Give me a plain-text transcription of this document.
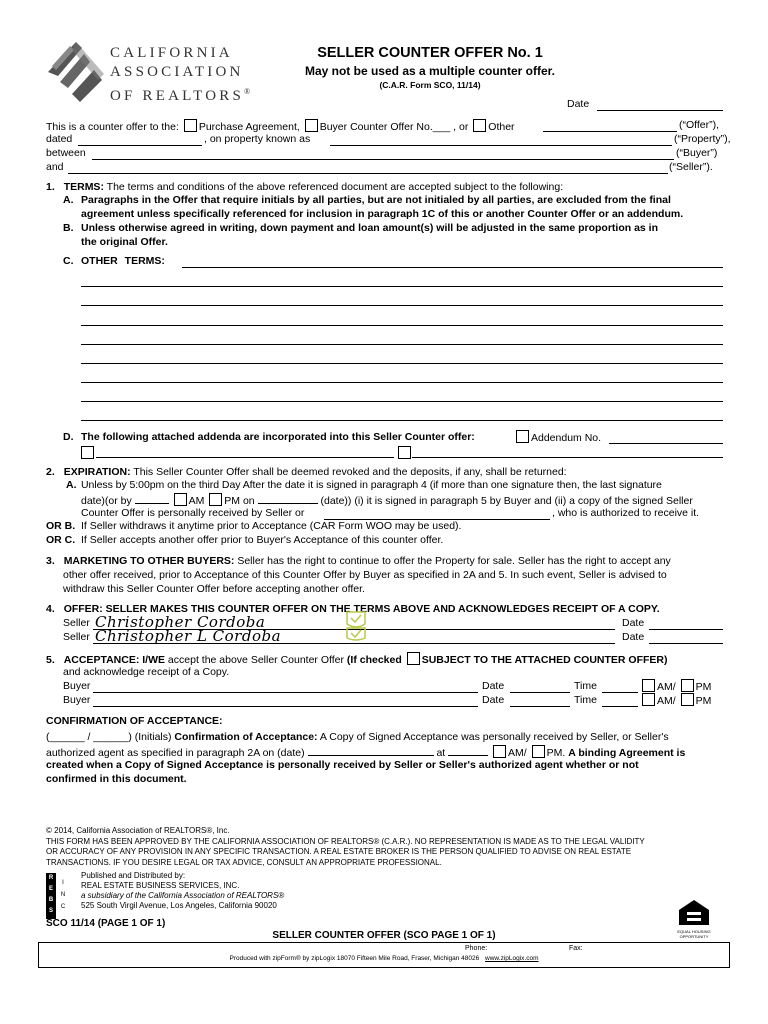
CALIFORNIA
ASSOCIATION
OF REALTORS®
SELLER COUNTER OFFER No. 1
May not be used as a multiple counter offer.
(C.A.R. Form SCO, 11/14)
Date
This is a counter offer to the: Purchase Agreement, Buyer Counter Offer No.___ , or Other	(“Offer”),
dated	, on property known as	(“Property”),
between	(“Buyer”)
and	(“Seller”).
1. TERMS: The terms and conditions of the above referenced document are accepted subject to the following:
A. Paragraphs in the Offer that require initials by all parties, but are not initialed by all parties, are excluded from the final
agreement unless specifically referenced for inclusion in paragraph 1C of this or another Counter Offer or an addendum.
B. Unless otherwise agreed in writing, down payment and loan amount(s) will be adjusted in the same proportion as in
the original Offer.
C. OTHER TERMS:
D. The following attached addenda are incorporated into this Seller Counter offer:	Addendum No.
2. EXPIRATION: This Seller Counter Offer shall be deemed revoked and the deposits, if any, shall be returned:
A. Unless by 5:00pm on the third Day After the date it is signed in paragraph 4 (if more than one signature then, the last signature
date)(or by	AM PM on	(date)) (i) it is signed in paragraph 5 by Buyer and (ii) a copy of the signed Seller
Counter Offer is personally received by Seller or	, who is authorized to receive it.
OR B. If Seller withdraws it anytime prior to Acceptance (CAR Form WOO may be used).
OR C. If Seller accepts another offer prior to Buyer's Acceptance of this counter offer.
3. MARKETING TO OTHER BUYERS: Seller has the right to continue to offer the Property for sale. Seller has the right to accept any
other offer received, prior to Acceptance of this Counter Offer by Buyer as specified in 2A and 5. In such event, Seller is advised to
withdraw this Seller Counter Offer before accepting another offer.
4. OFFER: SELLER MAKES THIS COUNTER OFFER ON THE TERMS ABOVE AND ACKNOWLEDGES RECEIPT OF A COPY.
Seller Christopher Cordoba	Date
Seller Christopher L Cordoba	Date
5. ACCEPTANCE: I/WE accept the above Seller Counter Offer (If checked SUBJECT TO THE ATTACHED COUNTER OFFER)
and acknowledge receipt of a Copy.
Buyer	Date	Time	AM/ PM
Buyer	Date	Time	AM/ PM
CONFIRMATION OF ACCEPTANCE:
(______ / ______) (Initials) Confirmation of Acceptance: A Copy of Signed Acceptance was personally received by Seller, or Seller's
authorized agent as specified in paragraph 2A on (date)	at	AM/ PM. A binding Agreement is
created when a Copy of Signed Acceptance is personally received by Seller or Seller's authorized agent whether or not
confirmed in this document.
© 2014, California Association of REALTORS®, Inc.
THIS FORM HAS BEEN APPROVED BY THE CALIFORNIA ASSOCIATION OF REALTORS® (C.A.R.). NO REPRESENTATION IS MADE AS TO THE LEGAL VALIDITY
OR ACCURACY OF ANY PROVISION IN ANY SPECIFIC TRANSACTION. A REAL ESTATE BROKER IS THE PERSON QUALIFIED TO ADVISE ON REAL ESTATE
TRANSACTIONS. IF YOU DESIRE LEGAL OR TAX ADVICE, CONSULT AN APPROPRIATE PROFESSIONAL.
R
E
B
S
I
N
C
Published and Distributed by:
REAL ESTATE BUSINESS SERVICES, INC.
a subsidiary of the California Association of REALTORS®
525 South Virgil Avenue, Los Angeles, California 90020
SCO 11/14 (PAGE 1 OF 1)
EQUAL HOUSING OPPORTUNITY
SELLER COUNTER OFFER (SCO PAGE 1 OF 1)
Phone:	Fax:
Produced with zipForm® by zipLogix 18070 Fifteen Mile Road, Fraser, Michigan 48026 www.zipLogix.com
